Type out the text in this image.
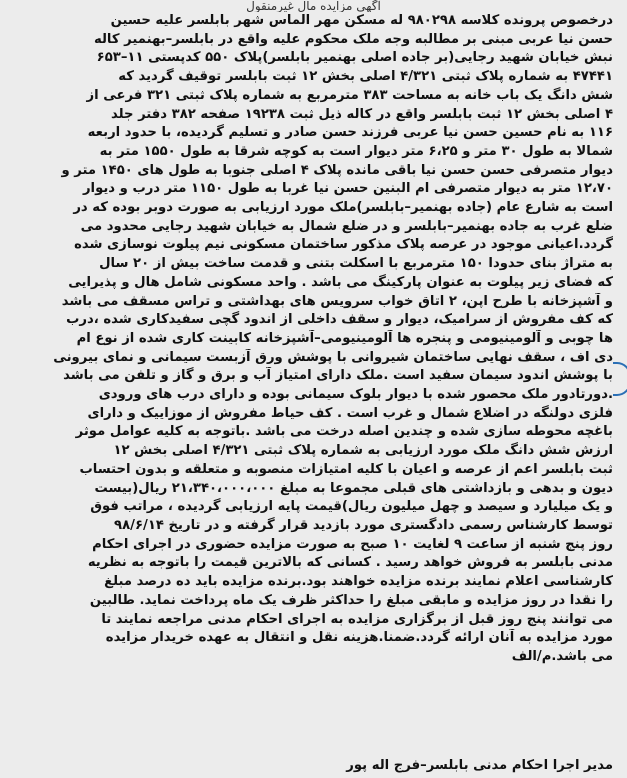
آگهی مزایده مال غیرمنقول
درخصوص پرونده کلاسه ۹۸۰۲۹۸ له مسکن مهر الماس شهر بابلسر علیه حسین
حسن نیا عربی مبنی بر مطالبه وجه ملک محکوم علیه واقع در بابلسر–بهنمیر کاله
نبش خیابان شهید رجایی(بر جاده اصلی بهنمیر بابلسر)پلاک ۵۵۰ کدپستی ۱۱–۶۵۳
۴۷۴۴۱ به شماره پلاک ثبتی ۴/۳۲۱ اصلی بخش ۱۲ ثبت بابلسر توقیف گردید که
شش دانگ یک باب خانه به مساحت ۳۸۳ مترمربع به شماره پلاک ثبتی ۳۲۱ فرعی از
۴ اصلی بخش ۱۲ ثبت بابلسر واقع در کاله ذیل ثبت ۱۹۲۳۸ صفحه ۳۸۲ دفتر جلد
۱۱۶ به نام حسین حسن نیا عربی فرزند حسن صادر و تسلیم گردیده، با حدود اربعه
شمالا به طول ۳۰ متر و ۶،۲۵ متر دیوار است به کوچه شرقا به طول ۱۵۵۰ متر به
دیوار متصرفی حسن حسن نیا باقی مانده پلاک ۴ اصلی جنوبا به طول های ۱۴۵۰ متر و
۱۲،۷۰ متر به دیوار متصرفی ام البنین حسن نیا غربا به طول ۱۱۵۰ متر درب و دیوار
است به شارع عام (جاده بهنمیر–بابلسر)ملک مورد ارزیابی به صورت دوبر بوده که در
ضلع غرب به جاده بهنمیر–بابلسر و در ضلع شمال به خیابان شهید رجایی محدود می
گردد.اعیانی موجود در عرصه پلاک مذکور ساختمان مسکونی نیم پیلوت نوسازی شده
به متراژ بنای حدودا ۱۵۰ مترمربع با اسکلت بتنی و قدمت ساخت بیش از ۲۰ سال
که فضای زیر پیلوت به عنوان پارکینگ می باشد . واحد مسکونی شامل هال و پذیرایی
و آشپزخانه با طرح اپن، ۲ اتاق خواب سرویس های بهداشتی و تراس مسقف می باشد
که کف مفروش از سرامیک، دیوار و سقف داخلی از اندود گچی سفیدکاری شده ،درب
ها چوبی و آلومینیومی و پنجره ها آلومینیومی–آشپزخانه کابینت کاری شده از نوع ام
دی اف ، سقف نهایی ساختمان شیروانی با پوشش ورق آزبست سیمانی و نمای بیرونی
با پوشش اندود سیمان سفید است .ملک دارای امتیاز آب و برق و گاز و تلفن می باشد
.دورتادور ملک محصور شده با دیوار بلوک سیمانی بوده و دارای درب های ورودی
فلزی دولنگه در اضلاع شمال و غرب است . کف حیاط مفروش از موزاییک و دارای
باغچه محوطه سازی شده و چندین اصله درخت می باشد .باتوجه به کلیه عوامل موثر
ارزش شش دانگ ملک مورد ارزیابی به شماره پلاک ثبتی ۴/۳۲۱ اصلی بخش ۱۲
ثبت بابلسر اعم از عرصه و اعیان با کلیه امتیازات منصوبه و متعلقه و بدون احتساب
دیون و بدهی و بازداشتی های قبلی مجموعا به مبلغ ۲۱،۳۴۰،۰۰۰،۰۰۰ ریال(بیست
و یک میلیارد و سیصد و چهل میلیون ریال)قیمت پایه ارزیابی گردیده ، مراتب فوق
توسط کارشناس رسمی دادگستری مورد بازدید قرار گرفته و در تاریخ ۹۸/۶/۱۴
روز پنج شنبه از ساعت ۹ لغایت ۱۰ صبح به صورت مزایده حضوری در اجرای احکام
مدنی بابلسر به فروش خواهد رسید . کسانی که بالاترین قیمت را باتوجه به نظریه
کارشناسی اعلام نمایند برنده مزایده خواهند بود.برنده مزایده باید ده درصد مبلغ
را نقدا در روز مزایده و مابقی مبلغ را حداکثر ظرف یک ماه پرداخت نماید. طالبین
می توانند پنج روز قبل از برگزاری مزایده به اجرای احکام مدنی مراجعه نمایند تا
مورد مزایده به آنان ارائه گردد.ضمنا.هزینه نقل و انتقال به عهده خریدار مزایده
می باشد.م/الف
مدیر اجرا احکام مدنی بابلسر–فرج اله پور
